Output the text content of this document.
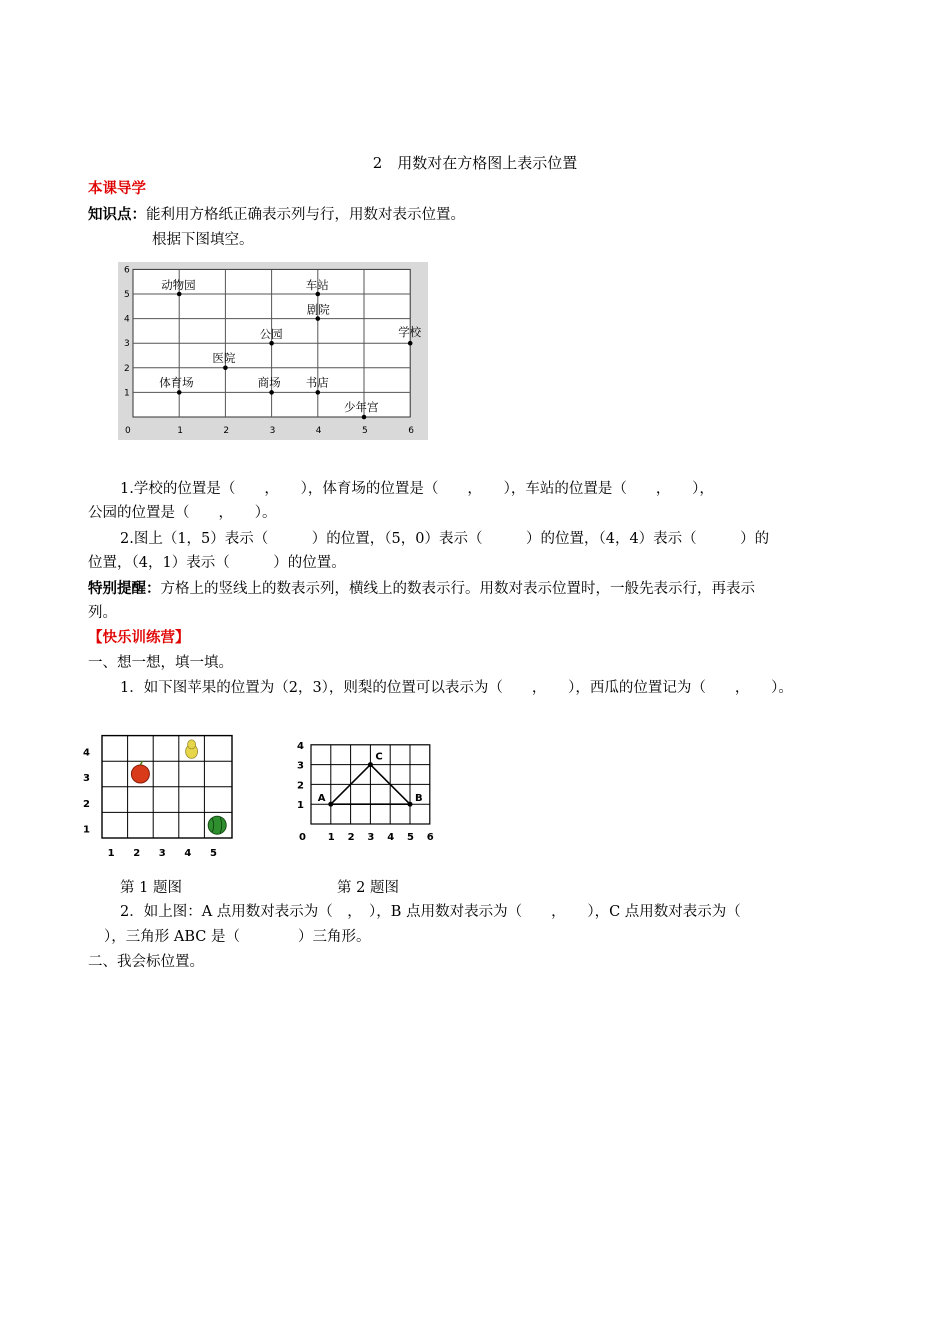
2　用数对在方格图上表示位置
本课导学
知识点：能利用方格纸正确表示列与行，用数对表示位置。
根据下图填空。
0	1	2	3	4	5	6
1
2
3
4
5
6
动物园	车站
剧院
公园	学校
医院
体育场	商场 书店
少年宫
1.学校的位置是（　　，　　），体育场的位置是（　　，　　），车站的位置是（　　，　　），
公园的位置是（　　，　　）。
2.图上（1，5）表示（　　　）的位置，（5，0）表示（　　　）的位置，（4，4）表示（　　　）的
位置，（4，1）表示（　　　）的位置。
特别提醒：方格上的竖线上的数表示列，横线上的数表示行。用数对表示位置时，一般先表示行，再表示
列。
【快乐训练营】
一、想一想，填一填。
1．如下图苹果的位置为（2，3），则梨的位置可以表示为（　　，　　），西瓜的位置记为（　　，　　）。
1 2 3 4 5
1
2
3
4
0 1 2 3 4 5 6
1
2
3
4
A	B
C
第 1 题图	第 2 题图
2．如上图：A 点用数对表示为（　，　），B 点用数对表示为（　　，　　），C 点用数对表示为（
），三角形 ABC 是（　　　　）三角形。
二、我会标位置。
